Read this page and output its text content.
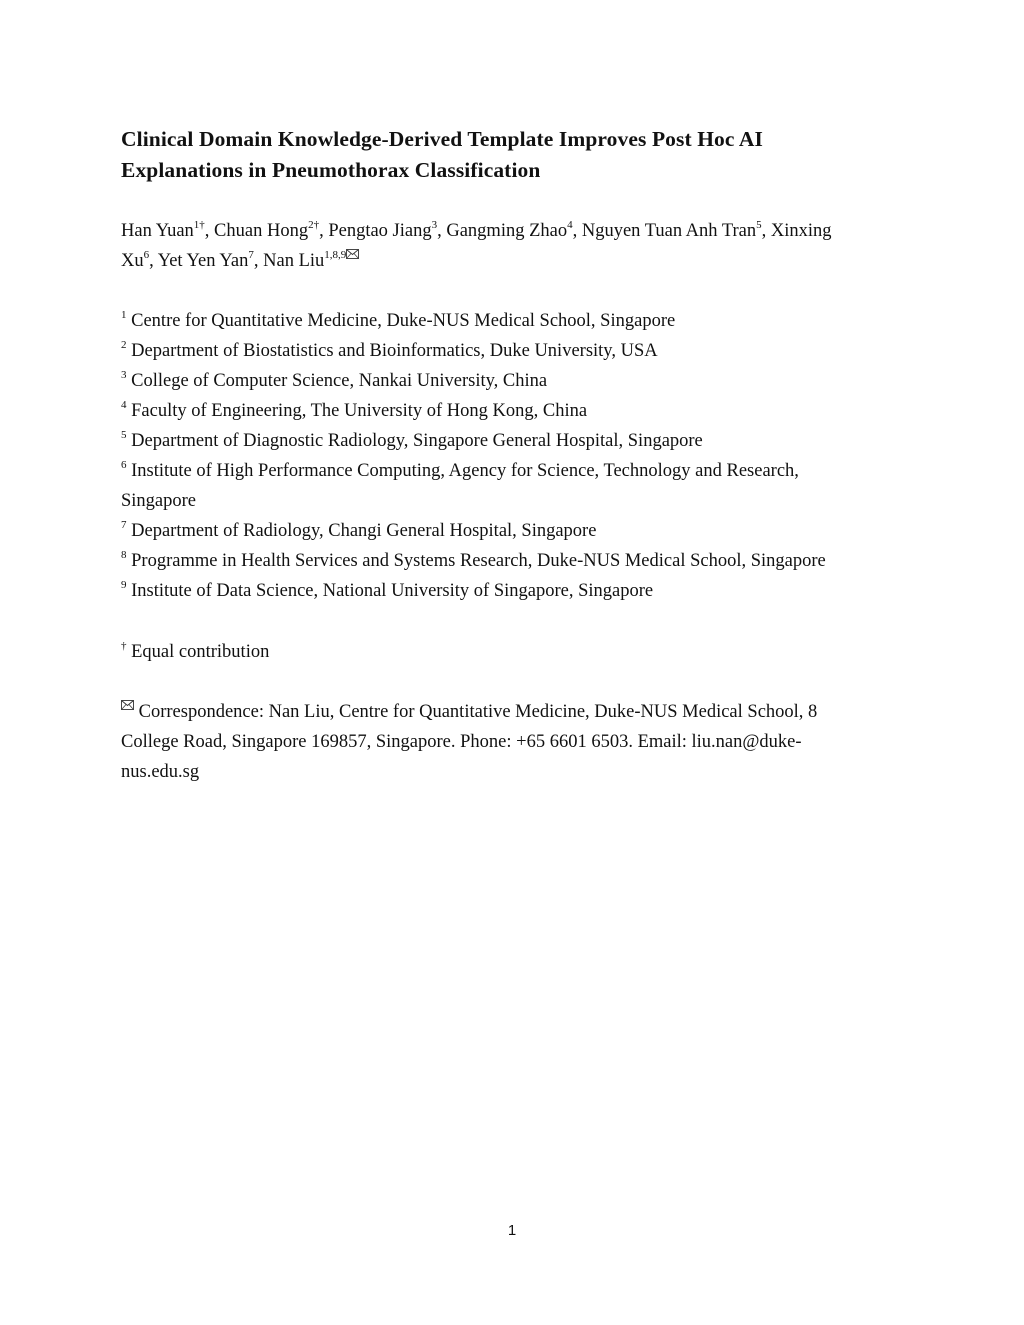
Clinical Domain Knowledge-Derived Template Improves Post Hoc AI
Explanations in Pneumothorax Classification
Han Yuan$^{1\dagger}$, Chuan Hong$^{2\dagger}$, Pengtao Jiang$^3$, Gangming Zhao$^4$, Nguyen Tuan Anh Tran$^5$, Xinxing
Xu$^6$, Yet Yen Yan$^7$, Nan Liu$^{1,8,9}$
$^1$ Centre for Quantitative Medicine, Duke-NUS Medical School, Singapore
$^2$ Department of Biostatistics and Bioinformatics, Duke University, USA
$^3$ College of Computer Science, Nankai University, China
$^4$ Faculty of Engineering, The University of Hong Kong, China
$^5$ Department of Diagnostic Radiology, Singapore General Hospital, Singapore
$^6$ Institute of High Performance Computing, Agency for Science, Technology and Research,
Singapore
$^7$ Department of Radiology, Changi General Hospital, Singapore
$^8$ Programme in Health Services and Systems Research, Duke-NUS Medical School, Singapore
$^9$ Institute of Data Science, National University of Singapore, Singapore
† Equal contribution
Correspondence: Nan Liu, Centre for Quantitative Medicine, Duke-NUS Medical School, 8
College Road, Singapore 169857, Singapore. Phone: +65 6601 6503. Email: liu.nan@duke-
nus.edu.sg
1
